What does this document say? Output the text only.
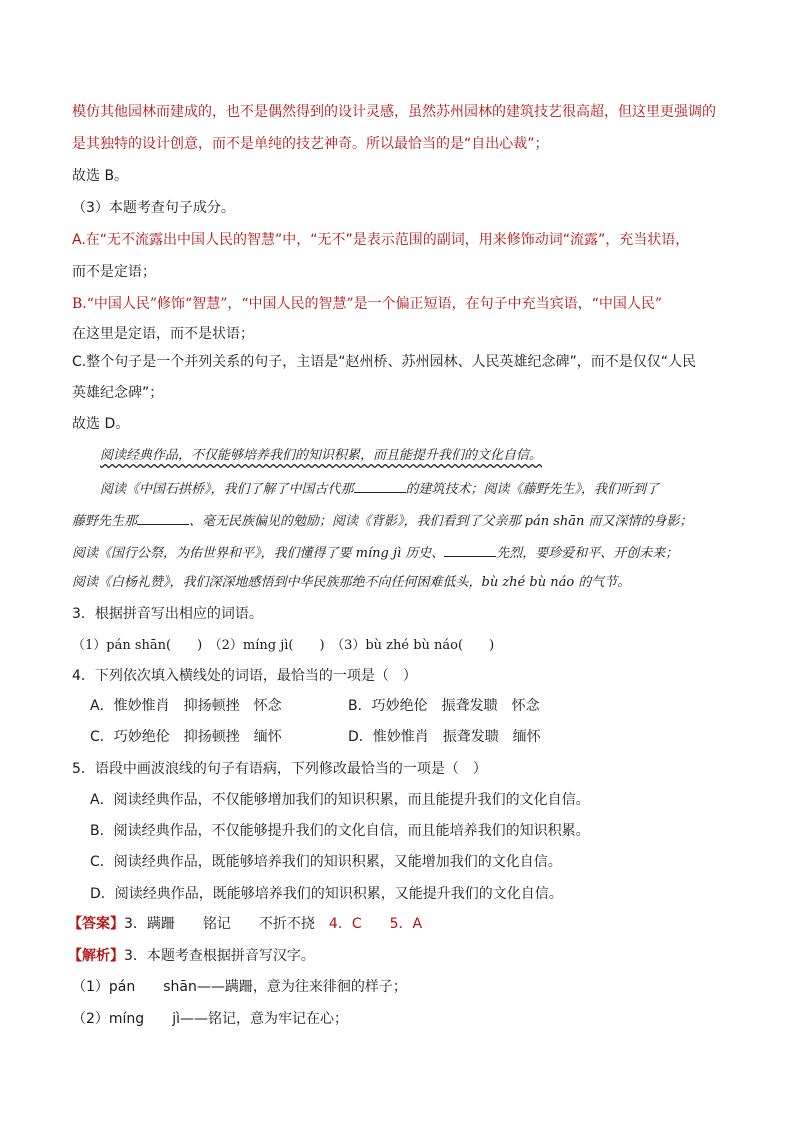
模仿其他园林而建成的，也不是偶然得到的设计灵感，虽然苏州园林的建筑技艺很高超，但这里更强调的
是其独特的设计创意，而不是单纯的技艺神奇。所以最恰当的是“自出心裁”；
故选 B。
（3）本题考查句子成分。
A.在“无不流露出中国人民的智慧”中，“无不”是表示范围的副词，用来修饰动词“流露”，充当状语，
而不是定语；
B.“中国人民”修饰“智慧”，“中国人民的智慧”是一个偏正短语，在句子中充当宾语，“中国人民”
在这里是定语，而不是状语；
C.整个句子是一个并列关系的句子，主语是“赵州桥、苏州园林、人民英雄纪念碑”，而不是仅仅“人民
英雄纪念碑”；
故选 D。
阅读经典作品，不仅能够培养我们的知识积累，而且能提升我们的文化自信。
阅读《中国石拱桥》，我们了解了中国古代那	的建筑技术；阅读《藤野先生》，我们听到了
藤野先生那	、毫无民族偏见的勉励；阅读《背影》，我们看到了父亲那 pán shān 而又深情的身影；
阅读《国行公祭，为佑世界和平》，我们懂得了要 míng jì 历史、	先烈，要珍爱和平、开创未来；
阅读《白杨礼赞》，我们深深地感悟到中华民族那绝不向任何困难低头，bù zhé bù náo 的气节。
3．根据拼音写出相应的词语。
（1）pán shān(　　)　（2）míng jì(　　)　（3）bù zhé bù náo(　　)
4．下列依次填入横线处的词语，最恰当的一项是（　）
A．惟妙惟肖　抑扬顿挫　怀念	B．巧妙绝伦　振聋发聩　怀念
C．巧妙绝伦　抑扬顿挫　缅怀	D．惟妙惟肖　振聋发聩　缅怀
5．语段中画波浪线的句子有语病，下列修改最恰当的一项是（　）
A．阅读经典作品，不仅能够增加我们的知识积累，而且能提升我们的文化自信。
B．阅读经典作品，不仅能够提升我们的文化自信，而且能培养我们的知识积累。
C．阅读经典作品，既能够培养我们的知识积累，又能增加我们的文化自信。
D．阅读经典作品，既能够培养我们的知识积累，又能提升我们的文化自信。
【答案】3．蹒跚　　铭记　　不折不挠　4．C　　5．A
【解析】3．本题考查根据拼音写汉字。
（1）pán　　shān——蹒跚，意为往来徘徊的样子；
（2）míng　　jì——铭记，意为牢记在心；
